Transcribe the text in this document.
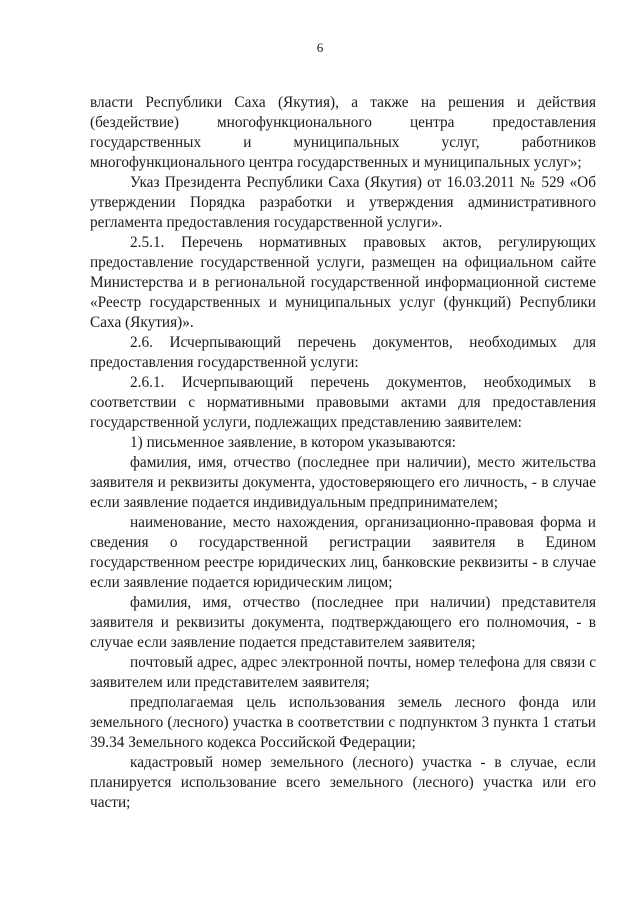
6

власти Республики Саха (Якутия), а также на решения и действия (бездействие) многофункционального центра предоставления государственных и муниципальных услуг, работников многофункционального центра государственных и муниципальных услуг»;

Указ Президента Республики Саха (Якутия) от 16.03.2011 № 529 «Об утверждении Порядка разработки и утверждения административного регламента предоставления государственной услуги».

2.5.1. Перечень нормативных правовых актов, регулирующих предоставление государственной услуги, размещен на официальном сайте Министерства и в региональной государственной информационной системе «Реестр государственных и муниципальных услуг (функций) Республики Саха (Якутия)».

2.6. Исчерпывающий перечень документов, необходимых для предоставления государственной услуги:

2.6.1. Исчерпывающий перечень документов, необходимых в соответствии с нормативными правовыми актами для предоставления государственной услуги, подлежащих представлению заявителем:

1) письменное заявление, в котором указываются:

фамилия, имя, отчество (последнее при наличии), место жительства заявителя и реквизиты документа, удостоверяющего его личность, - в случае если заявление подается индивидуальным предпринимателем;

наименование, место нахождения, организационно-правовая форма и сведения о государственной регистрации заявителя в Едином государственном реестре юридических лиц, банковские реквизиты - в случае если заявление подается юридическим лицом;

фамилия, имя, отчество (последнее при наличии) представителя заявителя и реквизиты документа, подтверждающего его полномочия, - в случае если заявление подается представителем заявителя;

почтовый адрес, адрес электронной почты, номер телефона для связи с заявителем или представителем заявителя;

предполагаемая цель использования земель лесного фонда или земельного (лесного) участка в соответствии с подпунктом 3 пункта 1 статьи 39.34 Земельного кодекса Российской Федерации;

кадастровый номер земельного (лесного) участка - в случае, если планируется использование всего земельного (лесного) участка или его части;
